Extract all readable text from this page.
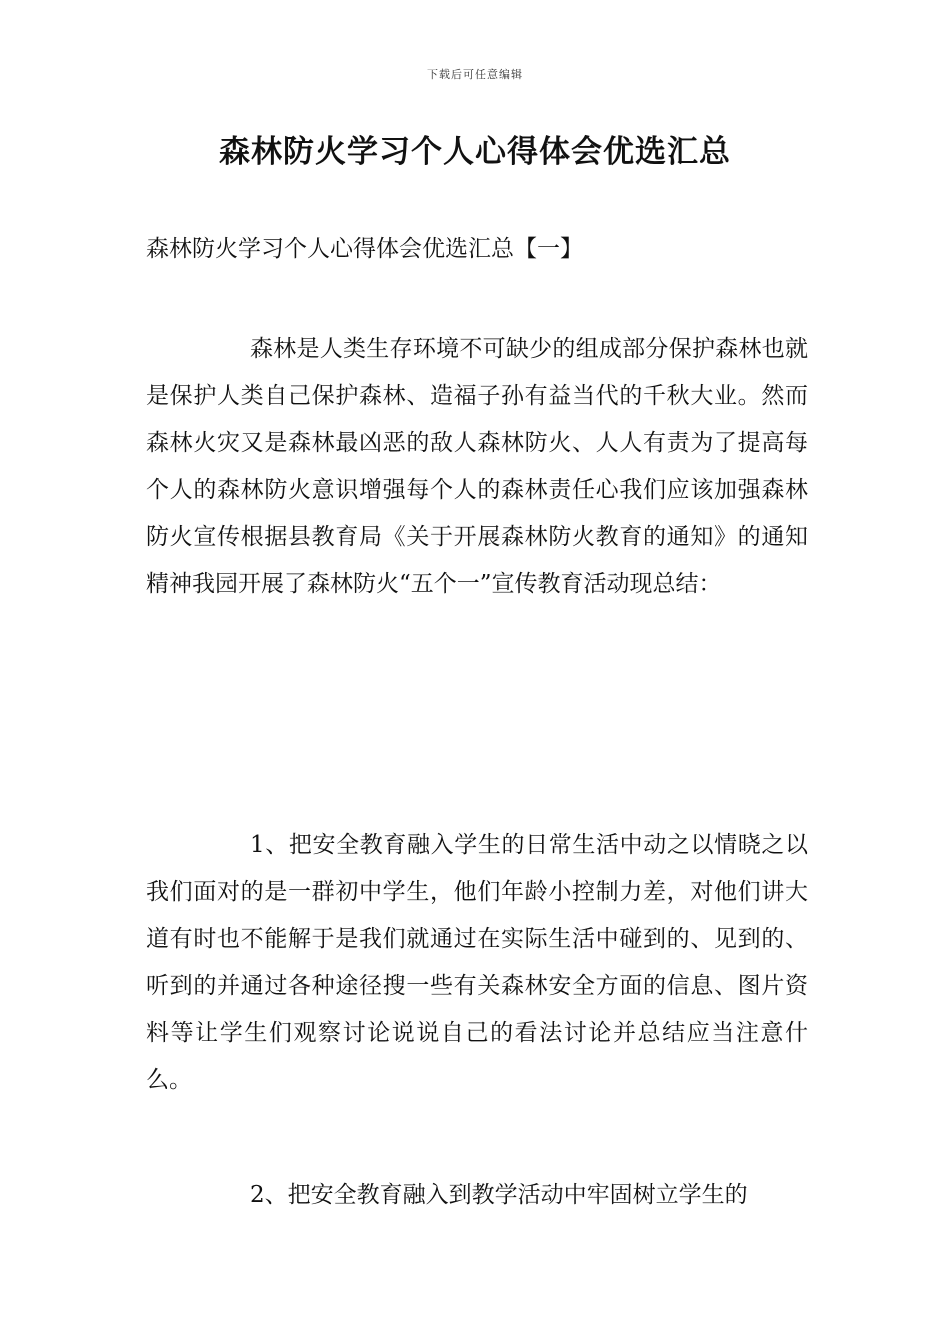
下载后可任意编辑
森林防火学习个人心得体会优选汇总
森林防火学习个人心得体会优选汇总【一】

森林是人类生存环境不可缺少的组成部分保护森林也就是保护人类自己保护森林、造福子孙有益当代的千秋大业。然而森林火灾又是森林最凶恶的敌人森林防火、人人有责为了提高每个人的森林防火意识增强每个人的森林责任心我们应该加强森林防火宣传根据县教育局《关于开展森林防火教育的通知》的通知精神我园开展了森林防火“五个一”宣传教育活动现总结：

1、把安全教育融入学生的日常生活中动之以情晓之以我们面对的是一群初中学生，他们年龄小控制力差，对他们讲大道有时也不能解于是我们就通过在实际生活中碰到的、见到的、听到的并通过各种途径搜一些有关森林安全方面的信息、图片资料等让学生们观察讨论说说自己的看法讨论并总结应当注意什么。

2、把安全教育融入到教学活动中牢固树立学生的
